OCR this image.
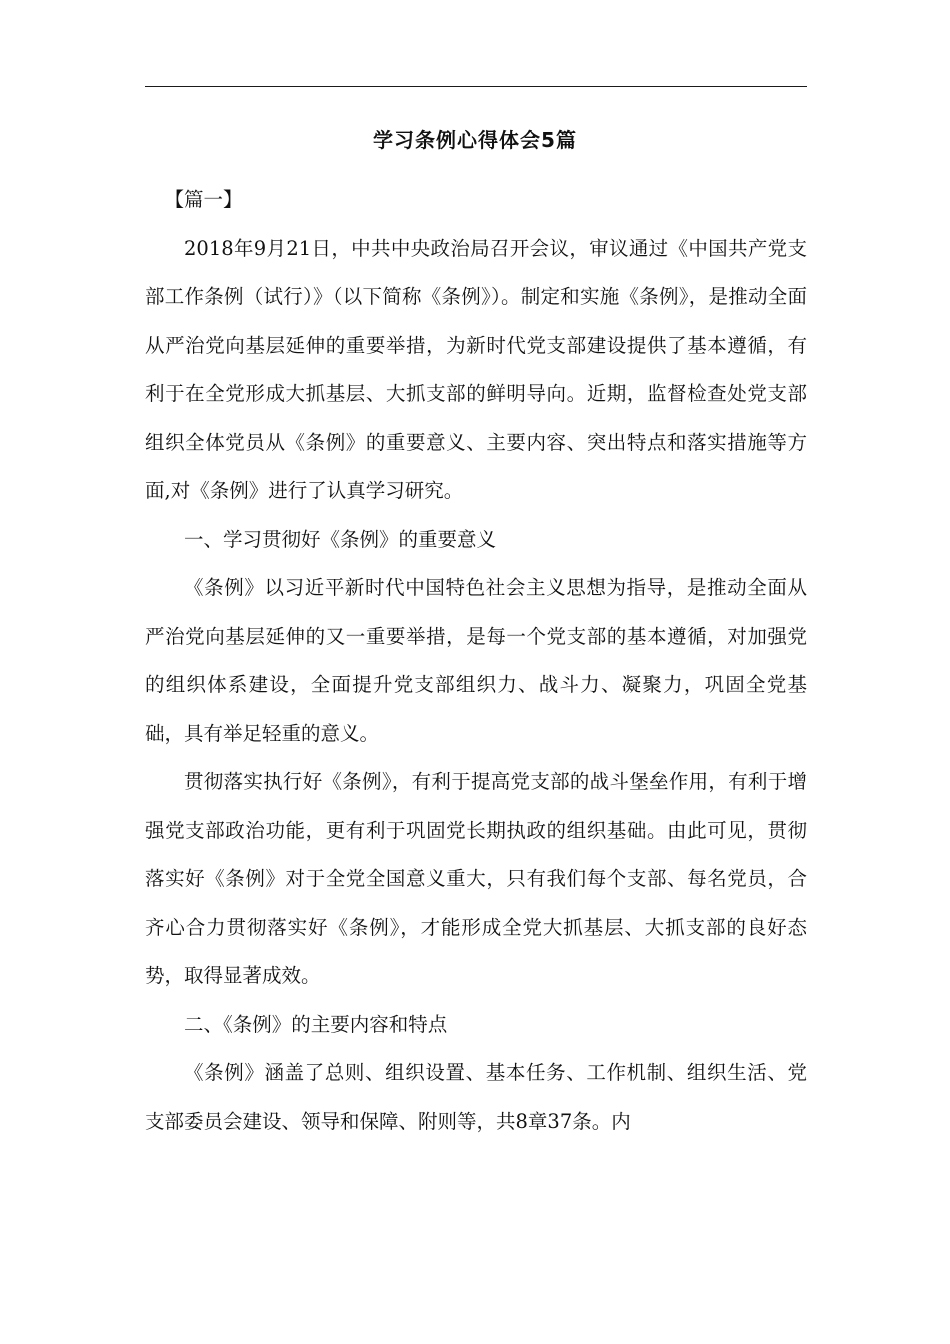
学习条例心得体会5篇

【篇一】

2018年9月21日，中共中央政治局召开会议，审议通过《中国共产党支部工作条例（试行）》（以下简称《条例》）。制定和实施《条例》，是推动全面从严治党向基层延伸的重要举措，为新时代党支部建设提供了基本遵循，有利于在全党形成大抓基层、大抓支部的鲜明导向。近期，监督检查处党支部组织全体党员从《条例》的重要意义、主要内容、突出特点和落实措施等方面,对《条例》进行了认真学习研究。

一、学习贯彻好《条例》的重要意义

《条例》以习近平新时代中国特色社会主义思想为指导，是推动全面从严治党向基层延伸的又一重要举措，是每一个党支部的基本遵循，对加强党的组织体系建设，全面提升党支部组织力、战斗力、凝聚力，巩固全党基础，具有举足轻重的意义。

贯彻落实执行好《条例》，有利于提高党支部的战斗堡垒作用，有利于增强党支部政治功能，更有利于巩固党长期执政的组织基础。由此可见，贯彻落实好《条例》对于全党全国意义重大，只有我们每个支部、每名党员，合齐心合力贯彻落实好《条例》，才能形成全党大抓基层、大抓支部的良好态势，取得显著成效。

二、《条例》的主要内容和特点

《条例》涵盖了总则、组织设置、基本任务、工作机制、组织生活、党支部委员会建设、领导和保障、附则等，共8章37条。内
